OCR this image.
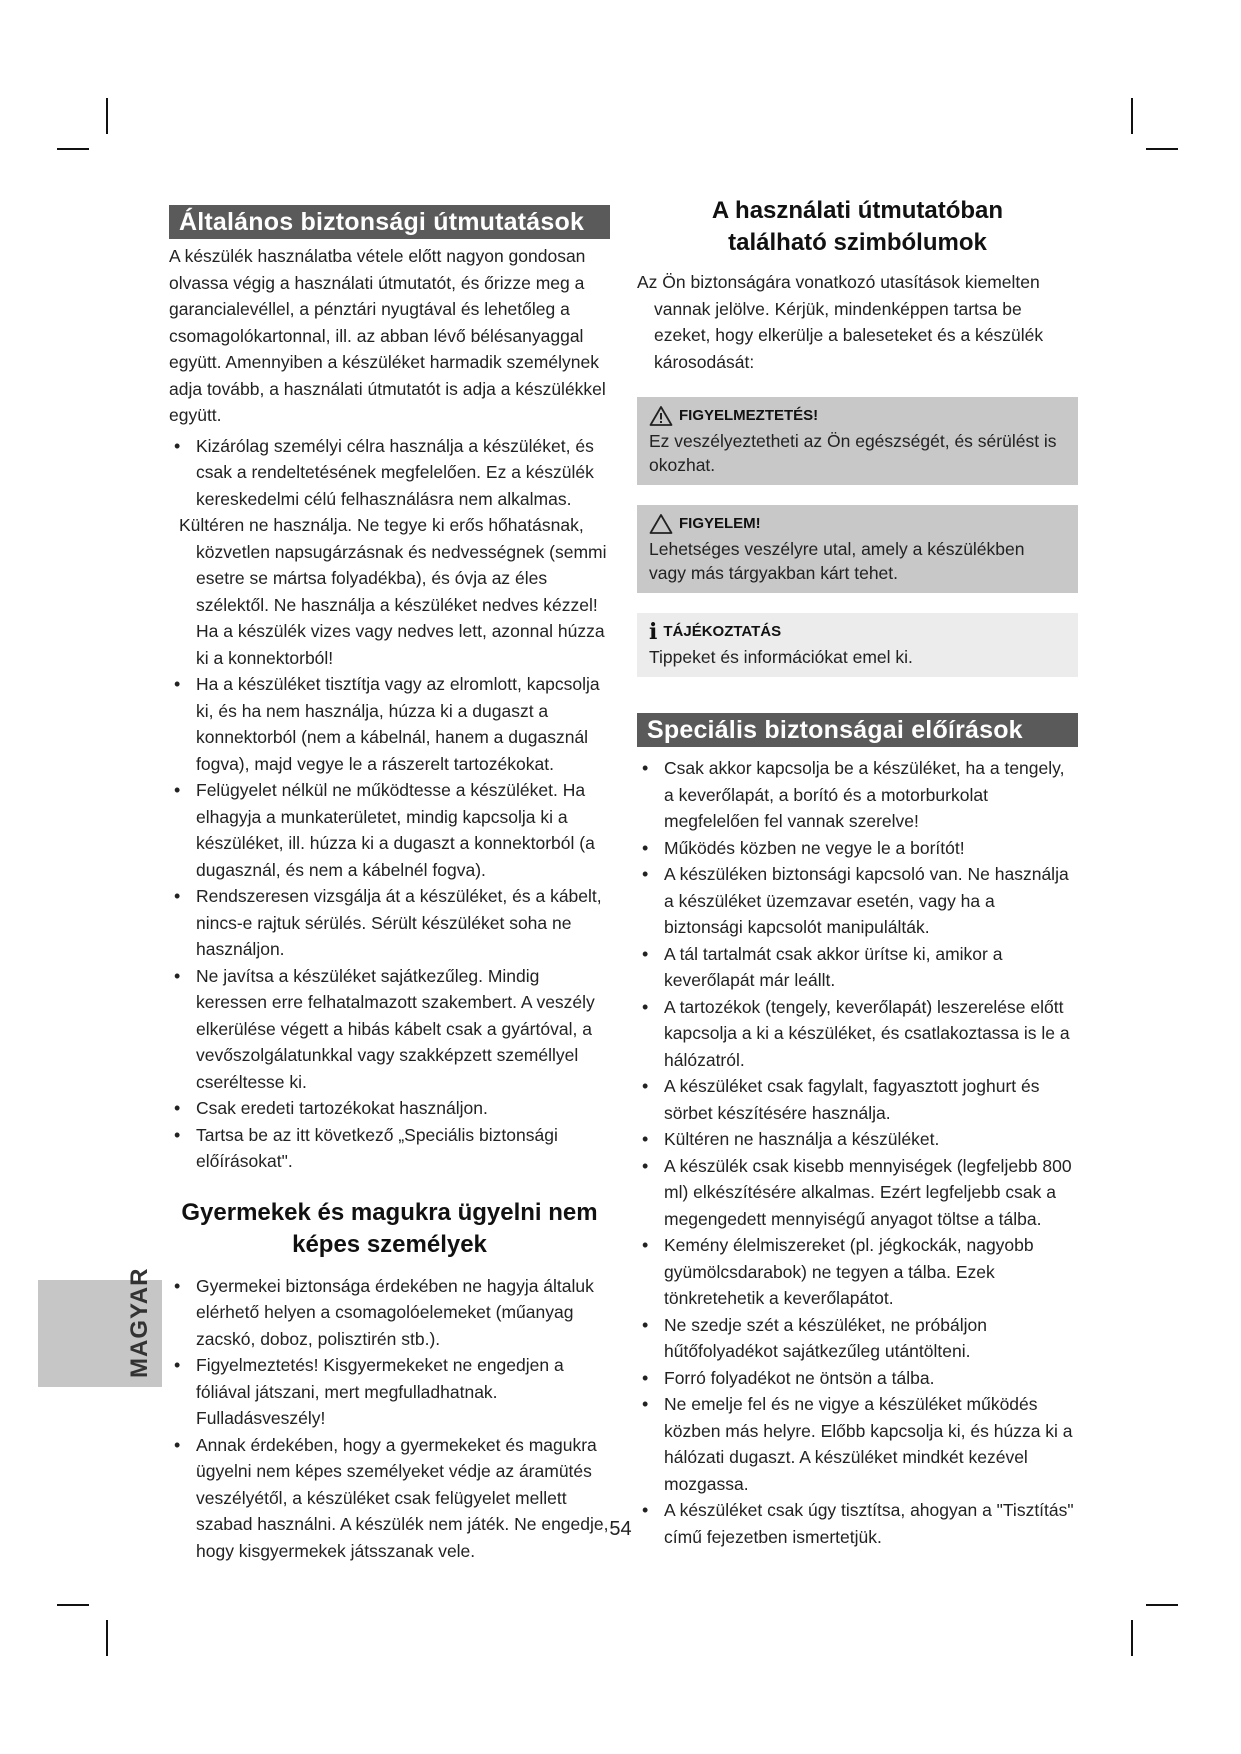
MAGYAR
Általános biztonsági útmutatások

A készülék használatba vétele előtt nagyon gondosan olvassa végig a használati útmutatót, és őrizze meg a garancialevéllel, a pénztári nyugtával és lehetőleg a csomagolókartonnal, ill. az abban lévő bélésanyaggal együtt. Amennyiben a készüléket harmadik személynek adja tovább, a használati útmutatót is adja a készülékkel együtt.

• Kizárólag személyi célra használja a készüléket, és csak a rendeltetésének megfelelően. Ez a készülék kereskedelmi célú felhasználásra nem alkalmas.
Kültéren ne használja. Ne tegye ki erős hőhatásnak, közvetlen napsugárzásnak és nedvességnek (semmi esetre se mártsa folyadékba), és óvja az éles szélektől. Ne használja a készüléket nedves kézzel! Ha a készülék vizes vagy nedves lett, azonnal húzza ki a konnektorból!
• Ha a készüléket tisztítja vagy az elromlott, kapcsolja ki, és ha nem használja, húzza ki a dugaszt a konnektorból (nem a kábelnál, hanem a dugasznál fogva), majd vegye le a rászerelt tartozékokat.
• Felügyelet nélkül ne működtesse a készüléket. Ha elhagyja a munkaterületet, mindig kapcsolja ki a készüléket, ill. húzza ki a dugaszt a konnektorból (a dugasznál, és nem a kábelnél fogva).
• Rendszeresen vizsgálja át a készüléket, és a kábelt, nincs-e rajtuk sérülés. Sérült készüléket soha ne használjon.
• Ne javítsa a készüléket sajátkezűleg. Mindig keressen erre felhatalmazott szakembert. A veszély elkerülése végett a hibás kábelt csak a gyártóval, a vevőszolgálatunkkal vagy szakképzett személlyel cseréltesse ki.
• Csak eredeti tartozékokat használjon.
• Tartsa be az itt következő „Speciális biztonsági előírásokat".
Gyermekek és magukra ügyelni nem képes személyek
• Gyermekei biztonsága érdekében ne hagyja általuk elérhető helyen a csomagolóelemeket (műanyag zacskó, doboz, polisztirén stb.).
• Figyelmeztetés! Kisgyermekeket ne engedjen a fóliával játszani, mert megfulladhatnak. Fulladásveszély!
• Annak érdekében, hogy a gyermekeket és magukra ügyelni nem képes személyeket védje az áramütés veszélyétől, a készüléket csak felügyelet mellett szabad használni. A készülék nem játék. Ne engedje, hogy kisgyermekek játsszanak vele.
A használati útmutatóban található szimbólumok

Az Ön biztonságára vonatkozó utasítások kiemelten vannak jelölve. Kérjük, mindenképpen tartsa be ezeket, hogy elkerülje a baleseteket és a készülék károsodását:

FIGYELMEZTETÉS!
Ez veszélyeztetheti az Ön egészségét, és sérülést is okozhat.
FIGYELEM!
Lehetséges veszélyre utal, amely a készülékben vagy más tárgyakban kárt tehet.
i TÁJÉKOZTATÁS
Tippeket és információkat emel ki.
Speciális biztonságai előírások
• Csak akkor kapcsolja be a készüléket, ha a tengely, a keverőlapát, a borító és a motorburkolat megfelelően fel vannak szerelve!
• Működés közben ne vegye le a borítót!
• A készüléken biztonsági kapcsoló van. Ne használja a készüléket üzemzavar esetén, vagy ha a biztonsági kapcsolót manipulálták.
• A tál tartalmát csak akkor ürítse ki, amikor a keverőlapát már leállt.
• A tartozékok (tengely, keverőlapát) leszerelése előtt kapcsolja a ki a készüléket, és csatlakoztassa is le a hálózatról.
• A készüléket csak fagylalt, fagyasztott joghurt és sörbet készítésére használja.
• Kültéren ne használja a készüléket.
• A készülék csak kisebb mennyiségek (legfeljebb 800 ml) elkészítésére alkalmas. Ezért legfeljebb csak a megengedett mennyiségű anyagot töltse a tálba.
• Kemény élelmiszereket (pl. jégkockák, nagyobb gyümölcsdarabok) ne tegyen a tálba. Ezek tönkretehetik a keverőlapátot.
• Ne szedje szét a készüléket, ne próbáljon hűtőfolyadékot sajátkezűleg utántölteni.
• Forró folyadékot ne öntsön a tálba.
• Ne emelje fel és ne vigye a készüléket működés közben más helyre. Előbb kapcsolja ki, és húzza ki a hálózati dugaszt. A készüléket mindkét kezével mozgassa.
• A készüléket csak úgy tisztítsa, ahogyan a "Tisztítás" című fejezetben ismertetjük.
54
